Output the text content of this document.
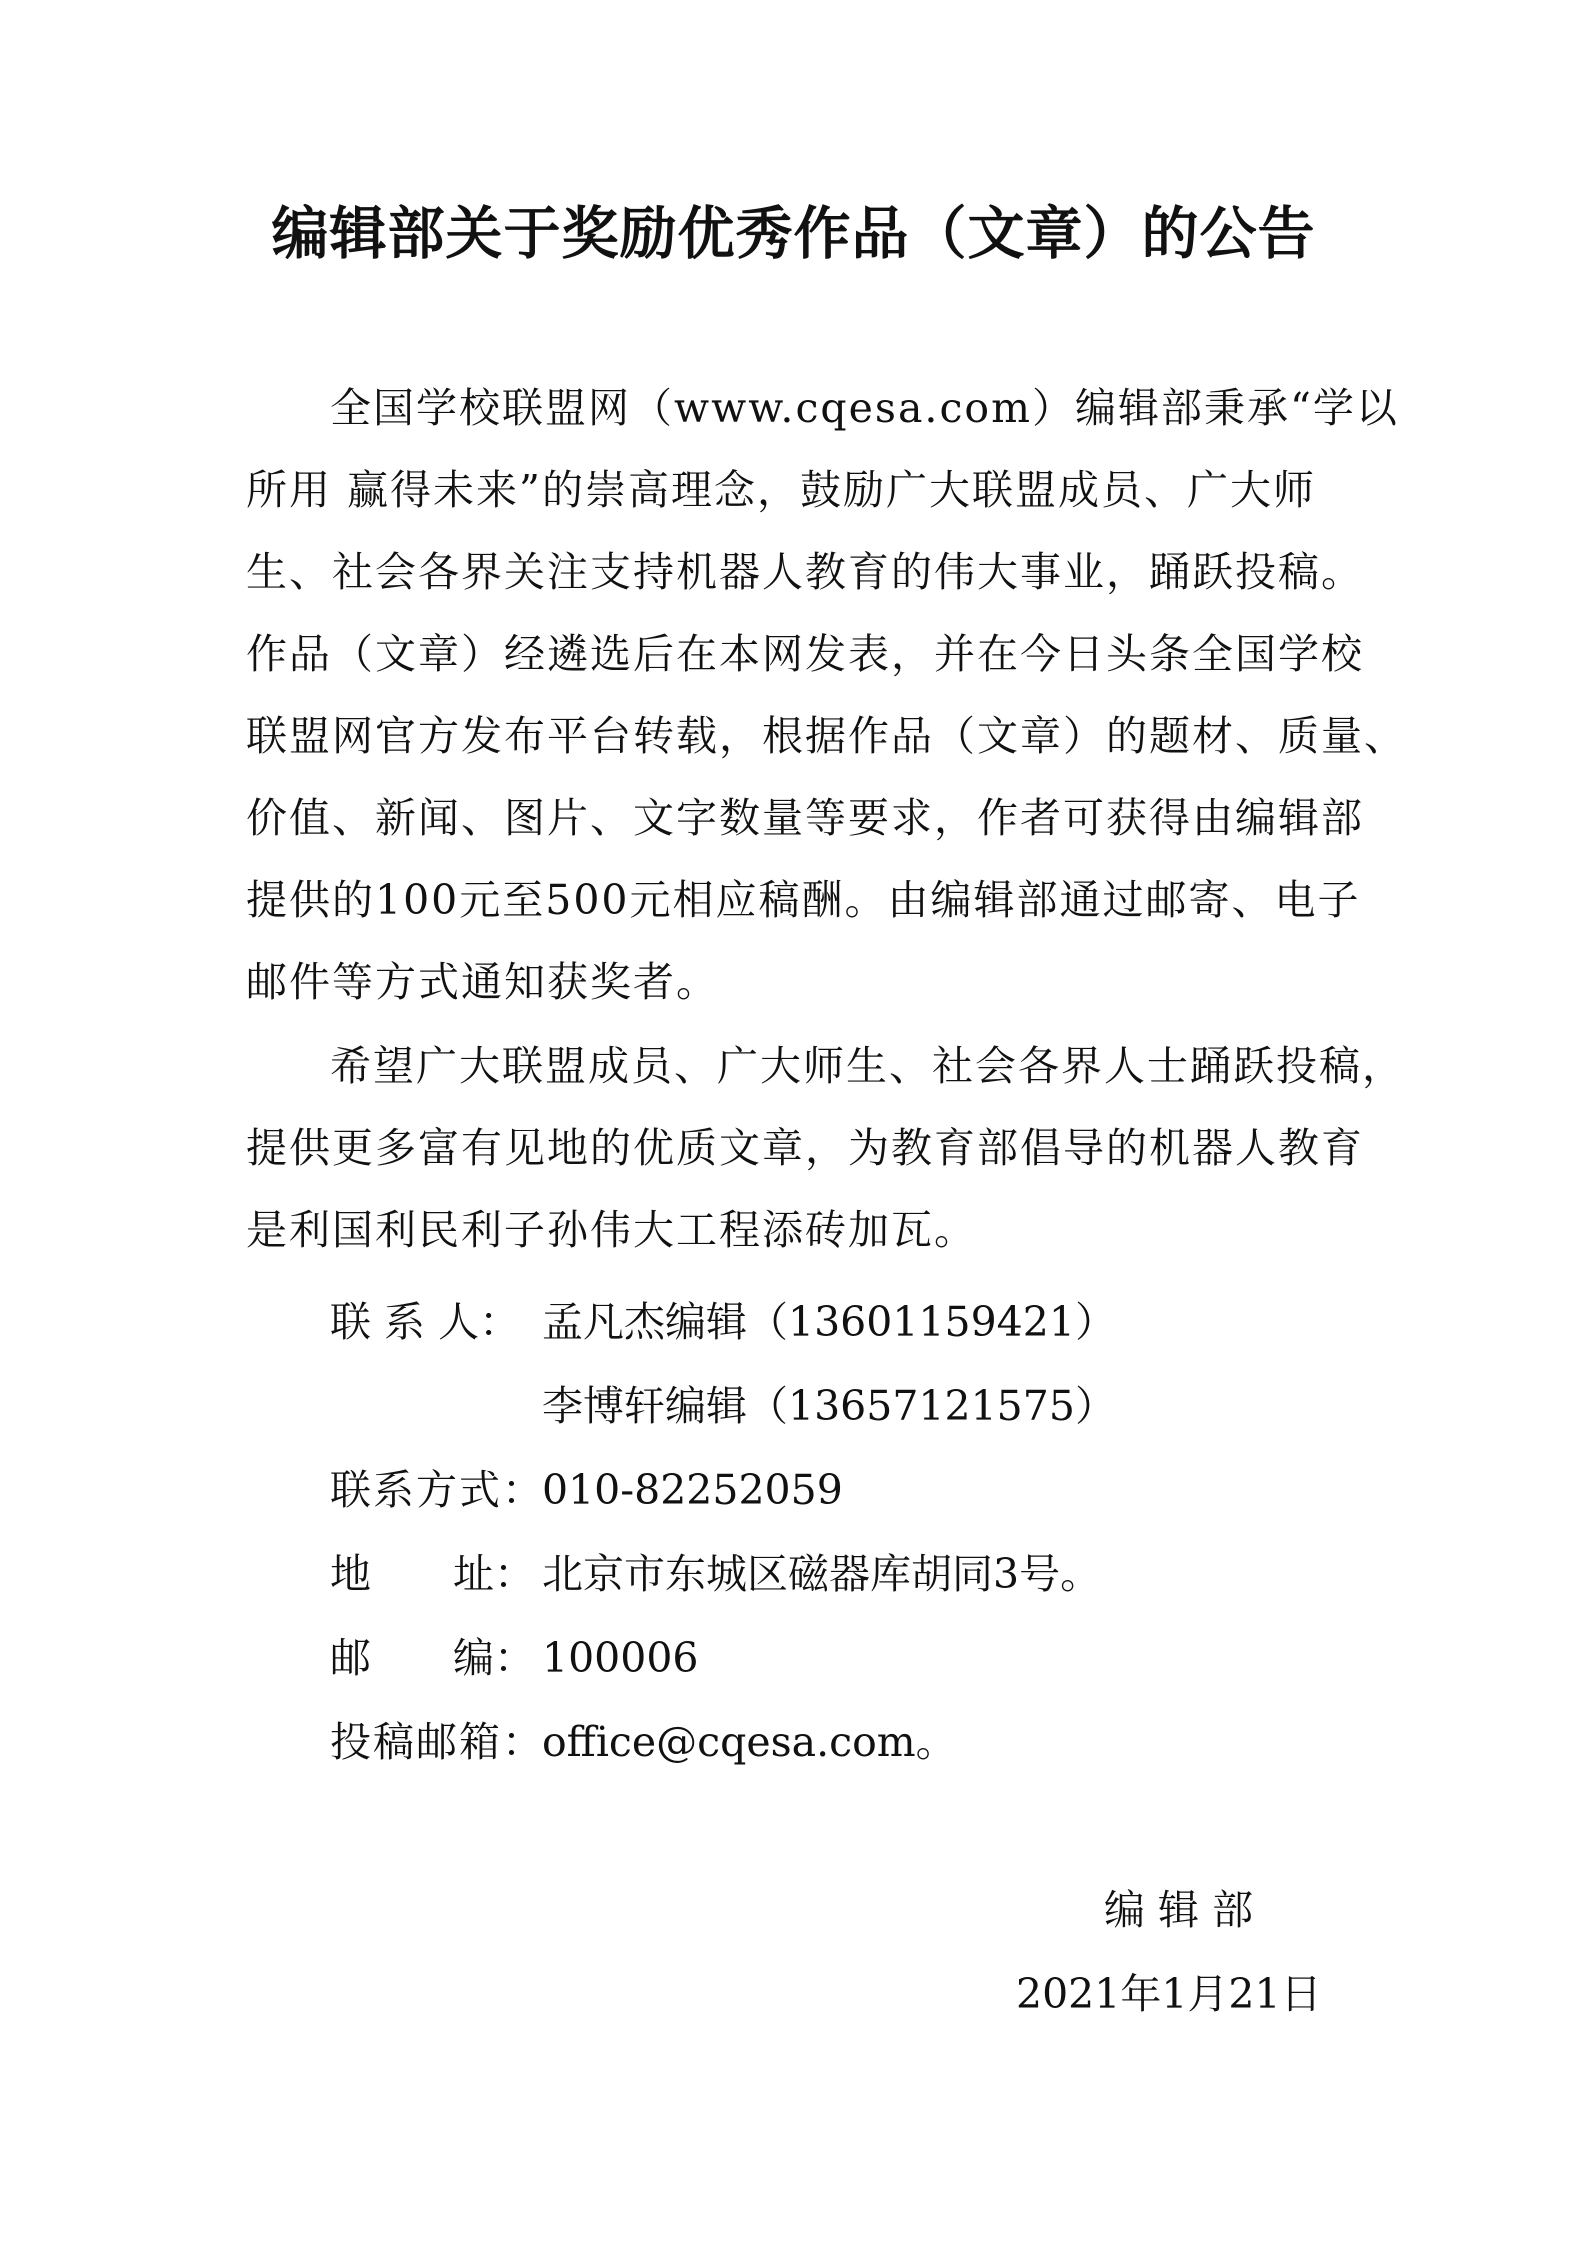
编辑部关于奖励优秀作品（文章）的公告
全国学校联盟网（www.cqesa.com）编辑部秉承“学以
所用 赢得未来”的崇高理念，鼓励广大联盟成员、广大师
生、社会各界关注支持机器人教育的伟大事业，踊跃投稿。
作品（文章）经遴选后在本网发表，并在今日头条全国学校
联盟网官方发布平台转载，根据作品（文章）的题材、质量、
价值、新闻、图片、文字数量等要求，作者可获得由编辑部
提供的100元至500元相应稿酬。由编辑部通过邮寄、电子
邮件等方式通知获奖者。
希望广大联盟成员、广大师生、社会各界人士踊跃投稿，
提供更多富有见地的优质文章，为教育部倡导的机器人教育
是利国利民利子孙伟大工程添砖加瓦。
联 系 人： 孟凡杰编辑（13601159421）
李博轩编辑（13657121575）
联系方式：010-82252059
地　　址： 北京市东城区磁器库胡同3号。
邮　　编： 100006
投稿邮箱：office@cqesa.com。
编 辑 部
2021年1月21日
